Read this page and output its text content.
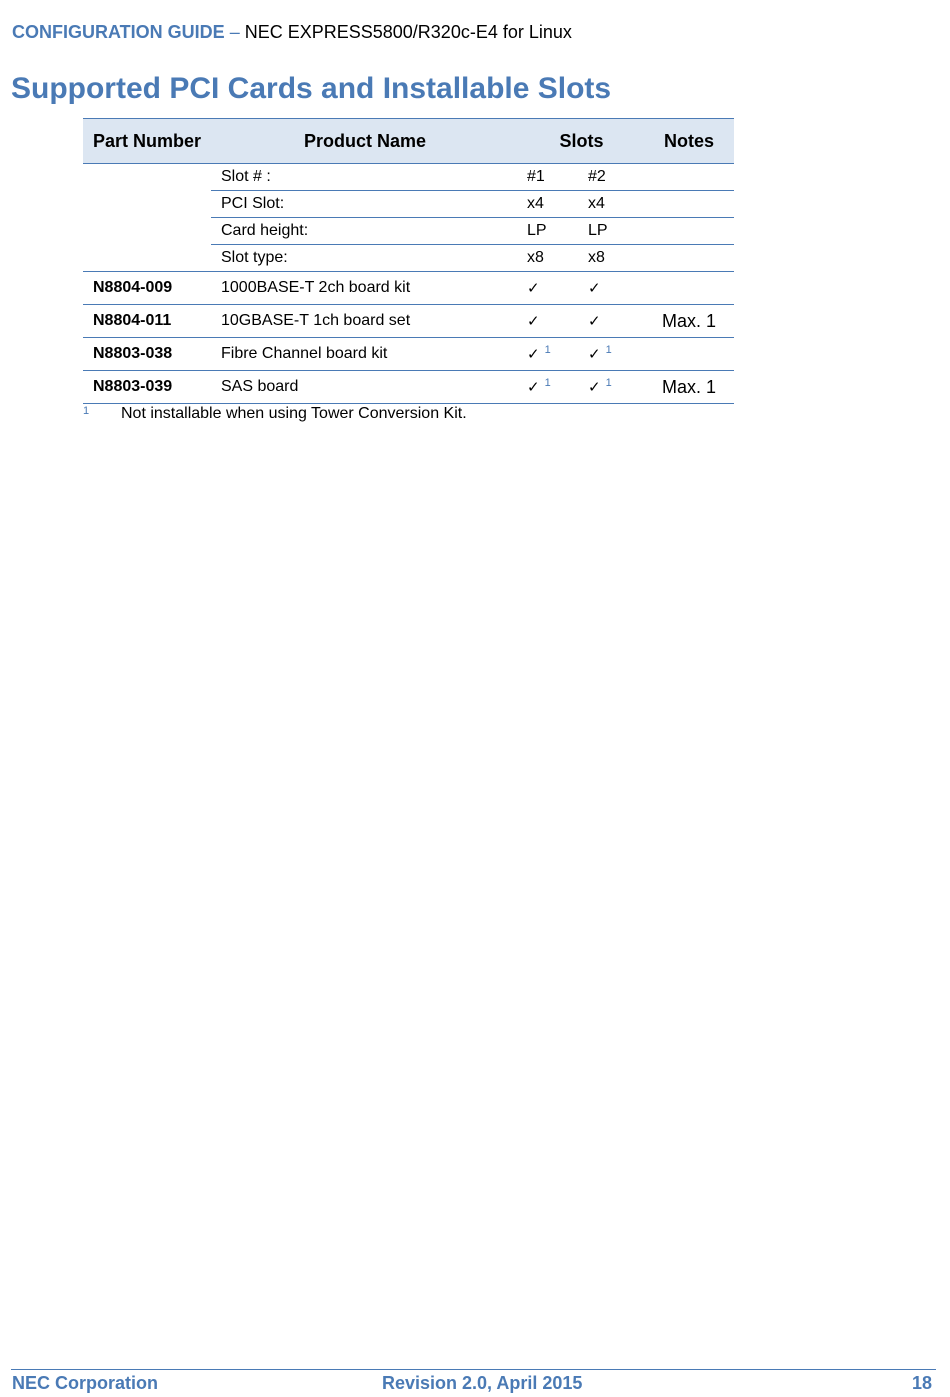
CONFIGURATION GUIDE – NEC EXPRESS5800/R320c-E4 for Linux
Supported PCI Cards and Installable Slots
Part Number	Product Name	Slots		Notes
	Slot # :	#1	#2	
	PCI Slot:	x4	x4	
	Card height:	LP	LP	
	Slot type:	x8	x8	
N8804-009	1000BASE-T 2ch board kit	✓	✓	
N8804-011	10GBASE-T 1ch board set	✓	✓	Max. 1
N8803-038	Fibre Channel board kit	✓ $^1$	✓ $^1$	
N8803-039	SAS board	✓ $^1$	✓ $^1$	Max. 1
1 Not installable when using Tower Conversion Kit.
NEC Corporation	Revision 2.0, April 2015	18
